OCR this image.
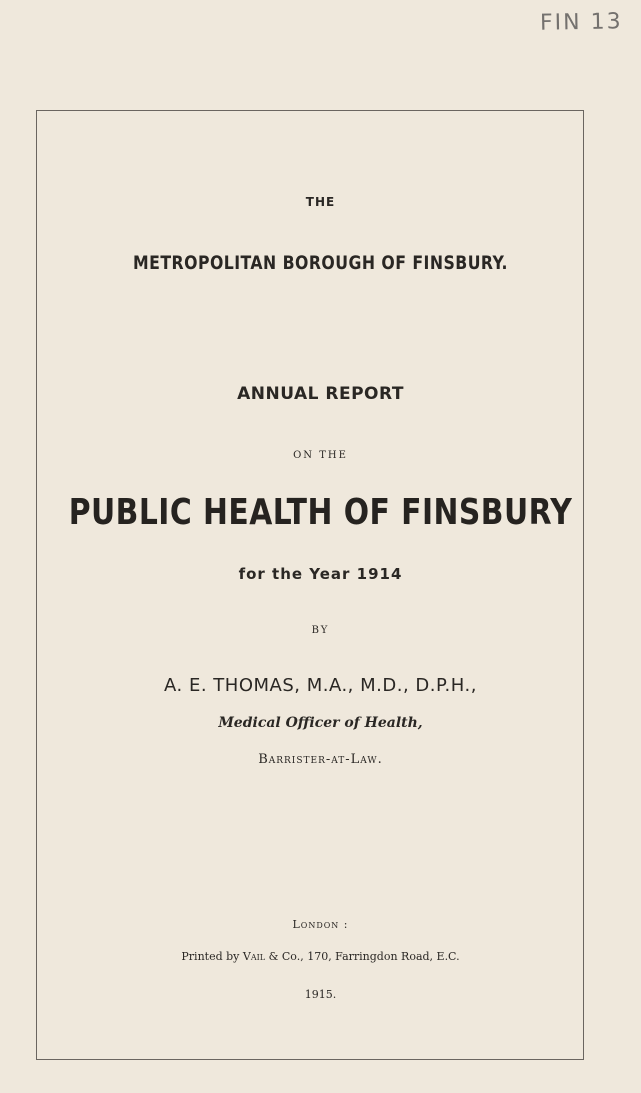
FIN 13
THE
METROPOLITAN BOROUGH OF FINSBURY.
ANNUAL REPORT
ON THE
PUBLIC HEALTH OF FINSBURY
for the Year 1914
BY
A. E. THOMAS, M.A., M.D., D.P.H.,
Medical Officer of Health,
Barrister-at-Law.
London :
Printed by Vail & Co., 170, Farringdon Road, E.C.
1915.
